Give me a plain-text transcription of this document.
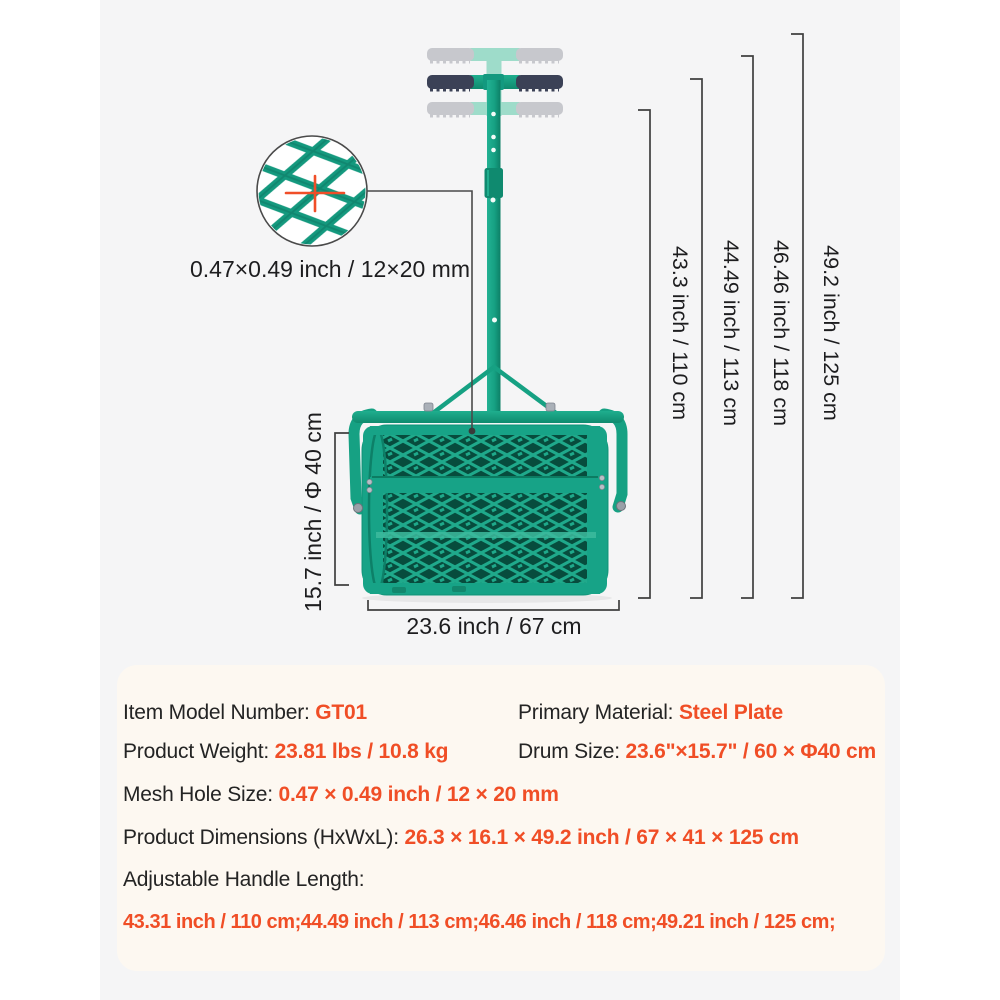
0.47×0.49 inch / 12×20 mm	43.3 inch / 110 cm 44.49 inch / 113 cm 46.46 inch / 118 cm 49.2 inch / 125 cm
15.7 inch / Φ 40 cm
23.6 inch / 67 cm
Item Model Number: GT01	Primary Material: Steel Plate
Product Weight: 23.81 lbs / 10.8 kg	Drum Size: 23.6"×15.7" / 60 × Φ40 cm
Mesh Hole Size: 0.47 × 0.49 inch / 12 × 20 mm
Product Dimensions (HxWxL): 26.3 × 16.1 × 49.2 inch / 67 × 41 × 125 cm
Adjustable Handle Length:
43.31 inch / 110 cm;44.49 inch / 113 cm;46.46 inch / 118 cm;49.21 inch / 125 cm;
